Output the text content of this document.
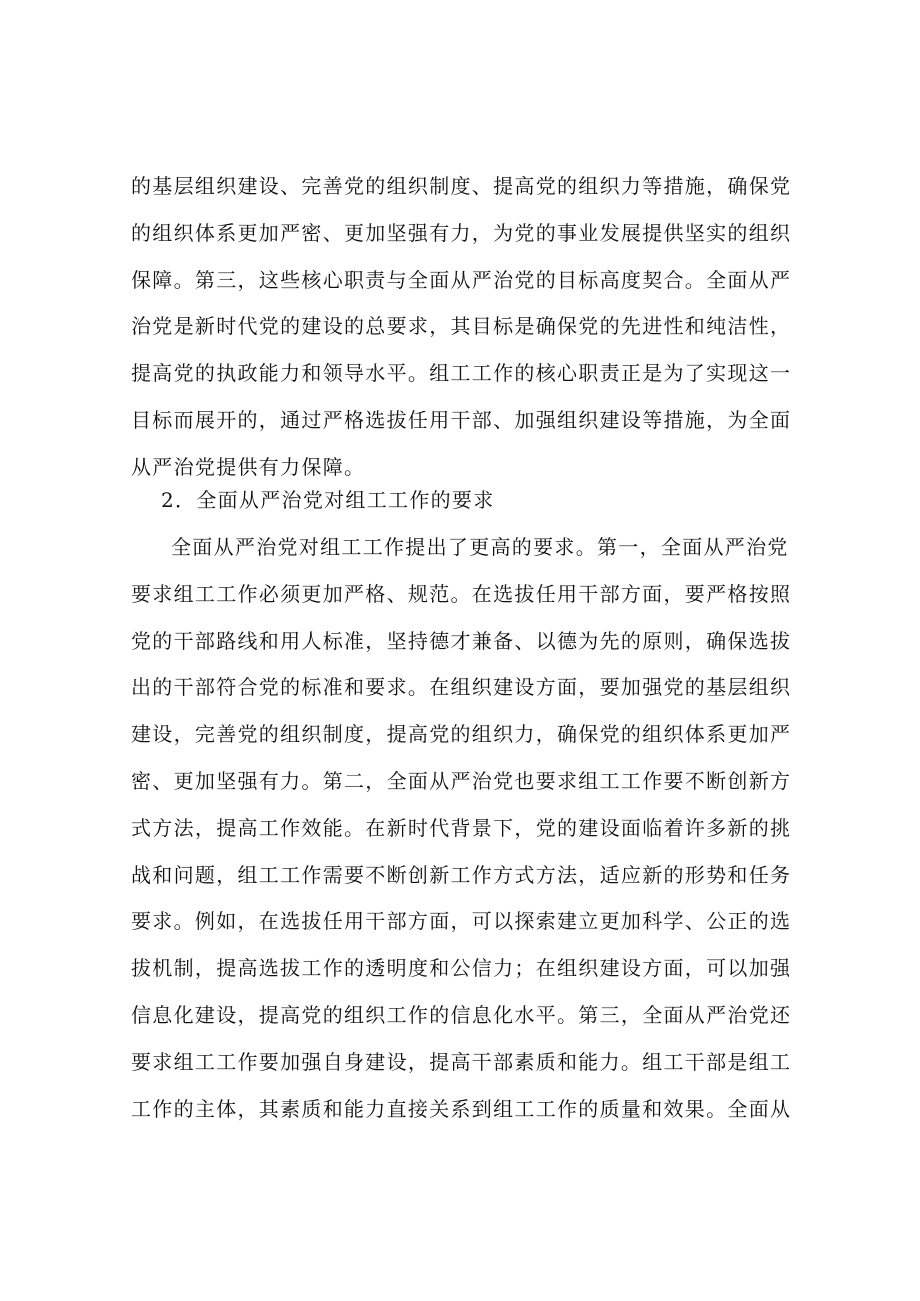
的基层组织建设、完善党的组织制度、提高党的组织力等措施，确保党
的组织体系更加严密、更加坚强有力，为党的事业发展提供坚实的组织
保障。第三，这些核心职责与全面从严治党的目标高度契合。全面从严
治党是新时代党的建设的总要求，其目标是确保党的先进性和纯洁性，
提高党的执政能力和领导水平。组工工作的核心职责正是为了实现这一
目标而展开的，通过严格选拔任用干部、加强组织建设等措施，为全面
从严治党提供有力保障。
2．全面从严治党对组工工作的要求
全面从严治党对组工工作提出了更高的要求。第一，全面从严治党
要求组工工作必须更加严格、规范。在选拔任用干部方面，要严格按照
党的干部路线和用人标准，坚持德才兼备、以德为先的原则，确保选拔
出的干部符合党的标准和要求。在组织建设方面，要加强党的基层组织
建设，完善党的组织制度，提高党的组织力，确保党的组织体系更加严
密、更加坚强有力。第二，全面从严治党也要求组工工作要不断创新方
式方法，提高工作效能。在新时代背景下，党的建设面临着许多新的挑
战和问题，组工工作需要不断创新工作方式方法，适应新的形势和任务
要求。例如，在选拔任用干部方面，可以探索建立更加科学、公正的选
拔机制，提高选拔工作的透明度和公信力；在组织建设方面，可以加强
信息化建设，提高党的组织工作的信息化水平。第三，全面从严治党还
要求组工工作要加强自身建设，提高干部素质和能力。组工干部是组工
工作的主体，其素质和能力直接关系到组工工作的质量和效果。全面从
